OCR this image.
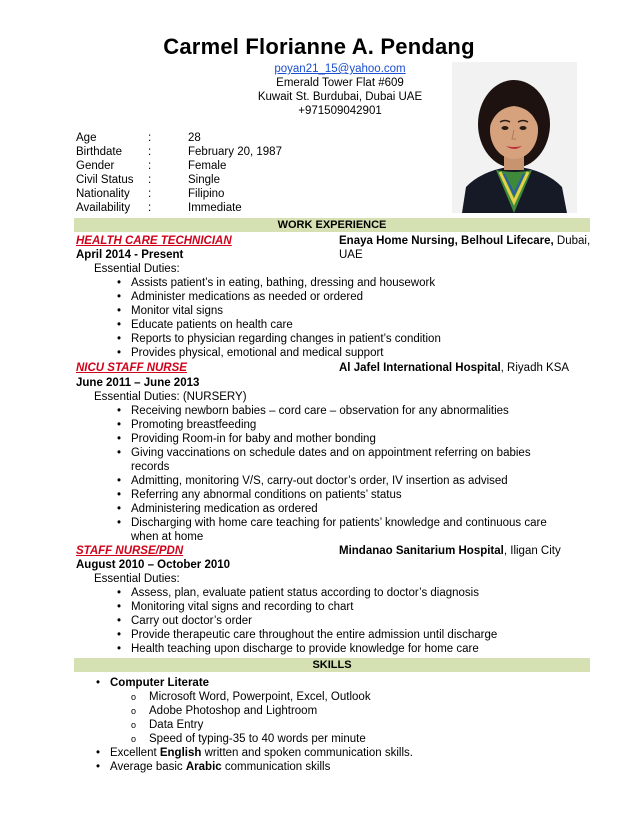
Carmel Florianne A. Pendang
poyan21_15@yahoo.com
Emerald Tower Flat #609
Kuwait St. Burdubai, Dubai UAE
+971509042901
Age	:	28
Birthdate :	February 20, 1987
Gender	:	Female
Civil Status :	Single
Nationality :	Filipino
Availability :	Immediate
WORK EXPERIENCE
HEALTH CARE TECHNICIAN	Enaya Home Nursing, Belhoul Lifecare, Dubai,
April 2014 - Present	UAE
Essential Duties:
• Assists patient’s in eating, bathing, dressing and housework
• Administer medications as needed or ordered
• Monitor vital signs
• Educate patients on health care
• Reports to physician regarding changes in patient’s condition
• Provides physical, emotional and medical support
NICU STAFF NURSE	Al Jafel International Hospital, Riyadh KSA
June 2011 – June 2013
Essential Duties: (NURSERY)
• Receiving newborn babies – cord care – observation for any abnormalities
• Promoting breastfeeding
• Providing Room-in for baby and mother bonding
• Giving vaccinations on schedule dates and on appointment referring on babies
records
• Admitting, monitoring V/S, carry-out doctor’s order, IV insertion as advised
• Referring any abnormal conditions on patients’ status
• Administering medication as ordered
• Discharging with home care teaching for patients’ knowledge and continuous care
when at home
STAFF NURSE/PDN	Mindanao Sanitarium Hospital, Iligan City
August 2010 – October 2010
Essential Duties:
• Assess, plan, evaluate patient status according to doctor’s diagnosis
• Monitoring vital signs and recording to chart
• Carry out doctor’s order
• Provide therapeutic care throughout the entire admission until discharge
• Health teaching upon discharge to provide knowledge for home care
SKILLS
• Computer Literate
o Microsoft Word, Powerpoint, Excel, Outlook
o Adobe Photoshop and Lightroom
o Data Entry
o Speed of typing-35 to 40 words per minute
• Excellent English written and spoken communication skills.
• Average basic Arabic communication skills
